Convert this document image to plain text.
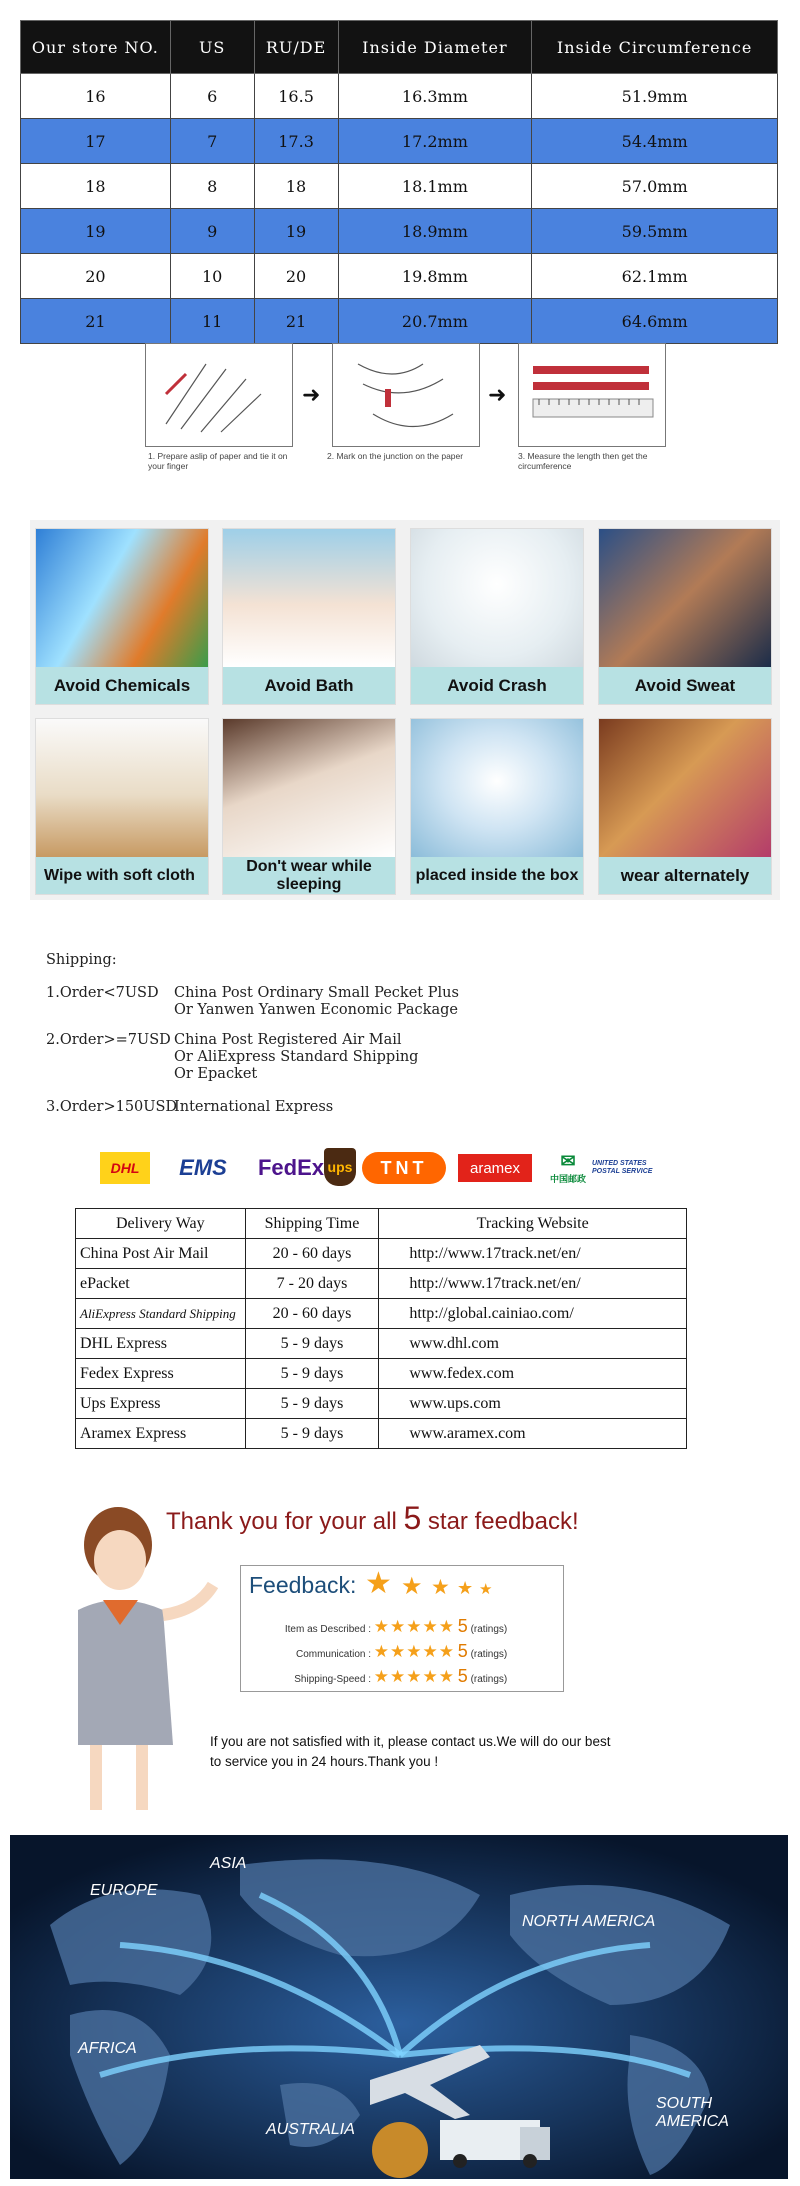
Our store NO.	US	RU/DE	Inside Diameter	Inside Circumference
16	6	16.5	16.3mm	51.9mm
17	7	17.3	17.2mm	54.4mm
18	8	18	18.1mm	57.0mm
19	9	19	18.9mm	59.5mm
20	10	20	19.8mm	62.1mm
21	11	21	20.7mm	64.6mm
➜	➜
1. Prepare aslip of paper and tie it on your finger
2. Mark on the junction on the paper	3. Measure the length then get the circumference
Avoid Chemicals	Avoid Bath	Avoid Crash	Avoid Sweat
Wipe with soft cloth
Don't wear while sleeping
placed inside the box	wear alternately
Shipping:
1.Order<7USD China Post Ordinary Small Pecket Plus
Or Yanwen Yanwen Economic Package
2.Order>=7USD China Post Registered Air Mail
Or AliExpress Standard Shipping
Or Epacket
3.Order>150USD
International Express
DHL	EMS	FedEx ups	TNT	aramex	✉
中国邮政
UNITED STATES POSTAL SERVICE
Delivery Way	Shipping Time	Tracking Website
China Post Air Mail	20 - 60 days	http://www.17track.net/en/
ePacket	7 - 20 days	http://www.17track.net/en/
AliExpress Standard Shipping	20 - 60 days	http://global.cainiao.com/
DHL Express	5 - 9 days	www.dhl.com
Fedex Express	5 - 9 days	www.fedex.com
Ups Express	5 - 9 days	www.ups.com
Aramex Express	5 - 9 days	www.aramex.com
Thank you for your all 5 star feedback!
Feedback: ★ ★ ★ ★ ★
Item as Described : ★★★★★ 5 (ratings)
Communication : ★★★★★ 5 (ratings)
Shipping-Speed : ★★★★★ 5 (ratings)
If you are not satisfied with it, please contact us.We will do our best
to service you in 24 hours.Thank you !
ASIA
EUROPE
NORTH AMERICA
AFRICA
SOUTH AMERICA
AUSTRALIA
